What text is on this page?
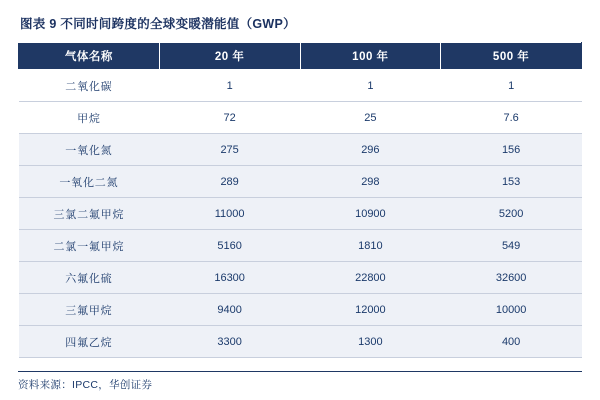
图表 9 不同时间跨度的全球变暖潜能值（GWP）
气体名称	20 年	100 年	500 年
二氧化碳	1	1	1
甲烷	72	25	7.6
一氧化氮	275	296	156
一氧化二氮	289	298	153
三氯二氟甲烷	11000	10900	5200
二氯一氟甲烷	5160	1810	549
六氟化硫	16300	22800	32600
三氟甲烷	9400	12000	10000
四氟乙烷	3300	1300	400
资料来源：IPCC，华创证券
